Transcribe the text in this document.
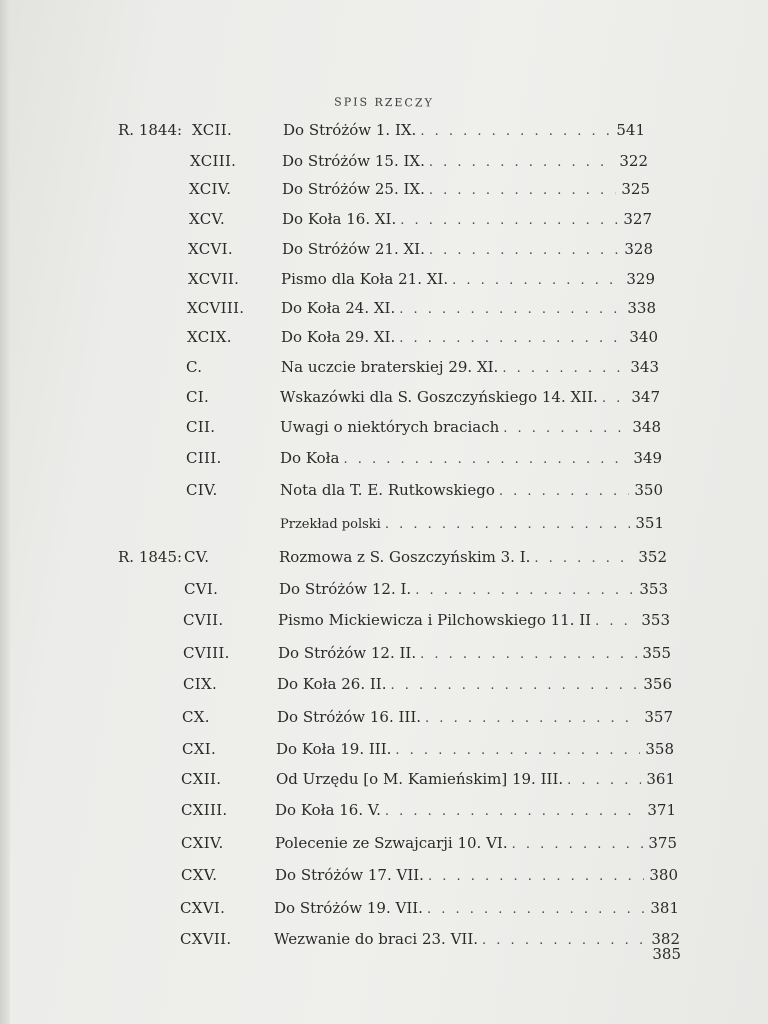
SPIS RZECZY
R. 1844: XCII.	Do Stróżów 1. IX. . . .	541
XCIII.	Do Stróżów 15. IX. . . .	322
XCIV.	Do Stróżów 25. IX. . . .	325
XCV.	Do Koła 16. XI. . . .	327
XCVI.	Do Stróżów 21. XI. . . .	328
XCVII.	Pismo dla Koła 21. XI. . . .	329
XCVIII. Do Koła 24. XI. . . .	338
XCIX.	Do Koła 29. XI. . . .	340
C.	Na uczcie braterskiej 29. XI. . . .	343
CI.	Wskazówki dla S. Goszczyńskiego 14. XII. . . . 347
CII.	Uwagi o niektórych braciach . . .	348
CIII.	Do Koła . . .	349
CIV.	Nota dla T. E. Rutkowskiego . . .	350
Przekład polski . . .	351
R. 1845: CV.	Rozmowa z S. Goszczyńskim 3. I. . . .	352
CVI.	Do Stróżów 12. I. . . .	353
CVII.	Pismo Mickiewicza i Pilchowskiego 11. II . . .	353
CVIII.	Do Stróżów 12. II. . . .	355
CIX.	Do Koła 26. II. . . .	356
CX.	Do Stróżów 16. III. . . .	357
CXI.	Do Koła 19. III. . . .	358
CXII.	Od Urzędu [o M. Kamieńskim] 19. III. . . .	361
CXIII.	Do Koła 16. V. . . .	371
CXIV.	Polecenie ze Szwajcarji 10. VI. . . .	375
CXV.	Do Stróżów 17. VII. . . .	380
CXVI.	Do Stróżów 19. VII. . . .	381
CXVII.	Wezwanie do braci 23. VII. . . .	382
385
